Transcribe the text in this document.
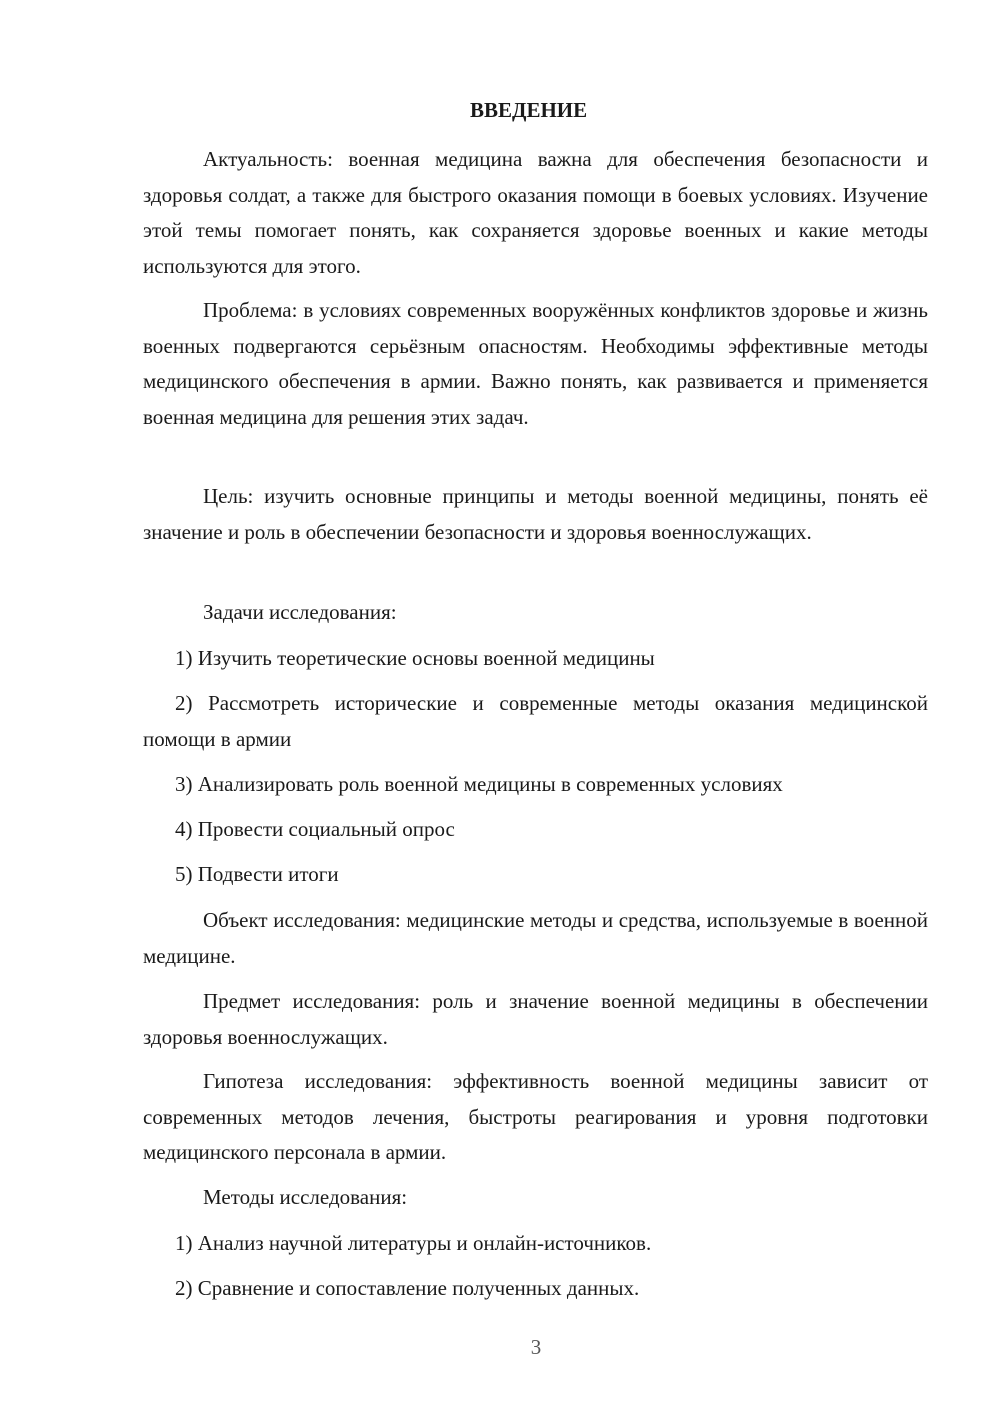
ВВЕДЕНИЕ

Актуальность: военная медицина важна для обеспечения безопасности и здоровья солдат, а также для быстрого оказания помощи в боевых условиях. Изучение этой темы помогает понять, как сохраняется здоровье военных и какие методы используются для этого.

Проблема: в условиях современных вооружённых конфликтов здоровье и жизнь военных подвергаются серьёзным опасностям. Необходимы эффективные методы медицинского обеспечения в армии. Важно понять, как развивается и применяется военная медицина для решения этих задач.

Цель: изучить основные принципы и методы военной медицины, понять её значение и роль в обеспечении безопасности и здоровья военнослужащих.

Задачи исследования:

1) Изучить теоретические основы военной медицины

2) Рассмотреть исторические и современные методы оказания медицинской помощи в армии

3) Анализировать роль военной медицины в современных условиях

4) Провести социальный опрос

5) Подвести итоги

Объект исследования: медицинские методы и средства, используемые в военной медицине.

Предмет исследования: роль и значение военной медицины в обеспечении здоровья военнослужащих.

Гипотеза исследования: эффективность военной медицины зависит от современных методов лечения, быстроты реагирования и уровня подготовки медицинского персонала в армии.

Методы исследования:

1) Анализ научной литературы и онлайн-источников.

2) Сравнение и сопоставление полученных данных.

3
